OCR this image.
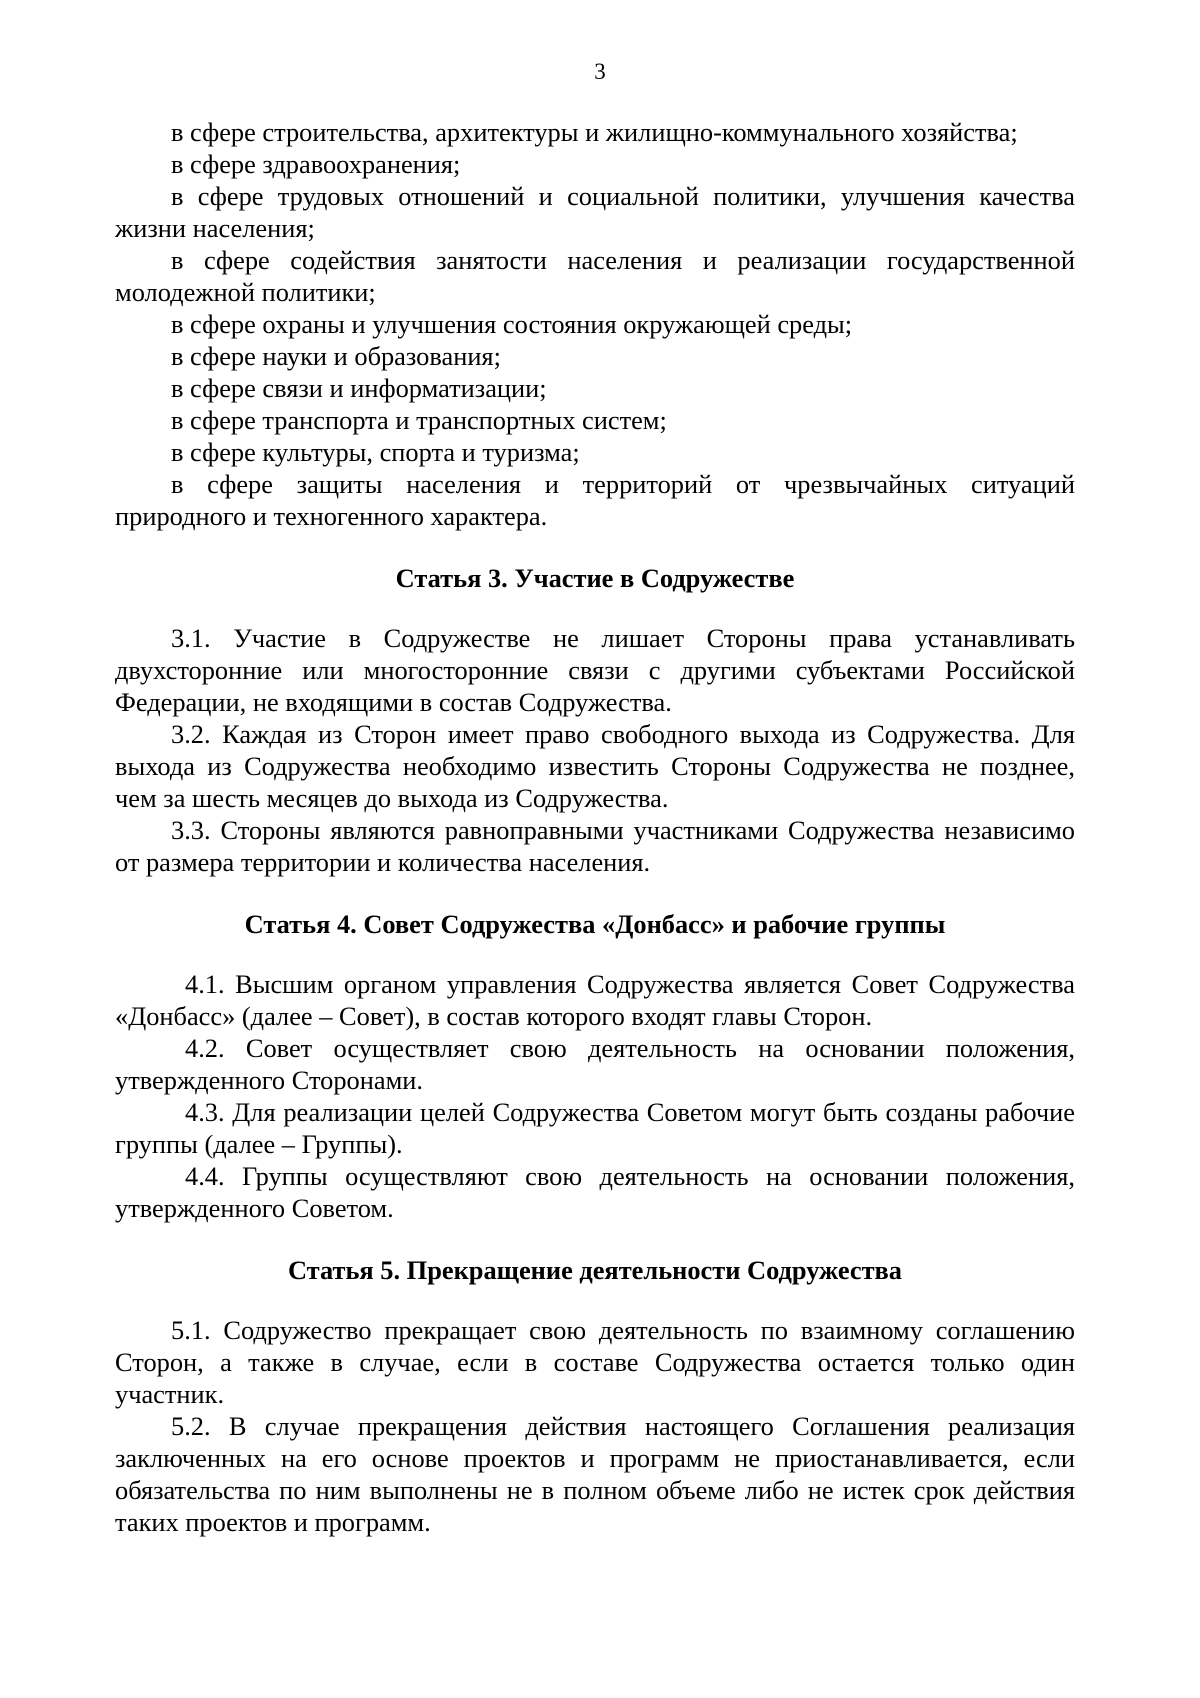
3

в сфере строительства, архитектуры и жилищно-коммунального хозяйства;

в сфере здравоохранения;

в сфере трудовых отношений и социальной политики, улучшения качества жизни населения;

в сфере содействия занятости населения и реализации государственной молодежной политики;

в сфере охраны и улучшения состояния окружающей среды;

в сфере науки и образования;

в сфере связи и информатизации;

в сфере транспорта и транспортных систем;

в сфере культуры, спорта и туризма;

в сфере защиты населения и территорий от чрезвычайных ситуаций природного и техногенного характера.

Статья 3. Участие в Содружестве

3.1. Участие в Содружестве не лишает Стороны права устанавливать двухсторонние или многосторонние связи с другими субъектами Российской Федерации, не входящими в состав Содружества.

3.2. Каждая из Сторон имеет право свободного выхода из Содружества. Для выхода из Содружества необходимо известить Стороны Содружества не позднее, чем за шесть месяцев до выхода из Содружества.

3.3. Стороны являются равноправными участниками Содружества независимо от размера территории и количества населения.

Статья 4. Совет Содружества «Донбасс» и рабочие группы

4.1. Высшим органом управления Содружества является Совет Содружества «Донбасс» (далее – Совет), в состав которого входят главы Сторон.

4.2. Совет осуществляет свою деятельность на основании положения, утвержденного Сторонами.

4.3. Для реализации целей Содружества Советом могут быть созданы рабочие группы (далее – Группы).

4.4. Группы осуществляют свою деятельность на основании положения, утвержденного Советом.

Статья 5. Прекращение деятельности Содружества

5.1. Содружество прекращает свою деятельность по взаимному соглашению Сторон, а также в случае, если в составе Содружества остается только один участник.

5.2. В случае прекращения действия настоящего Соглашения реализация заключенных на его основе проектов и программ не приостанавливается, если обязательства по ним выполнены не в полном объеме либо не истек срок действия таких проектов и программ.
